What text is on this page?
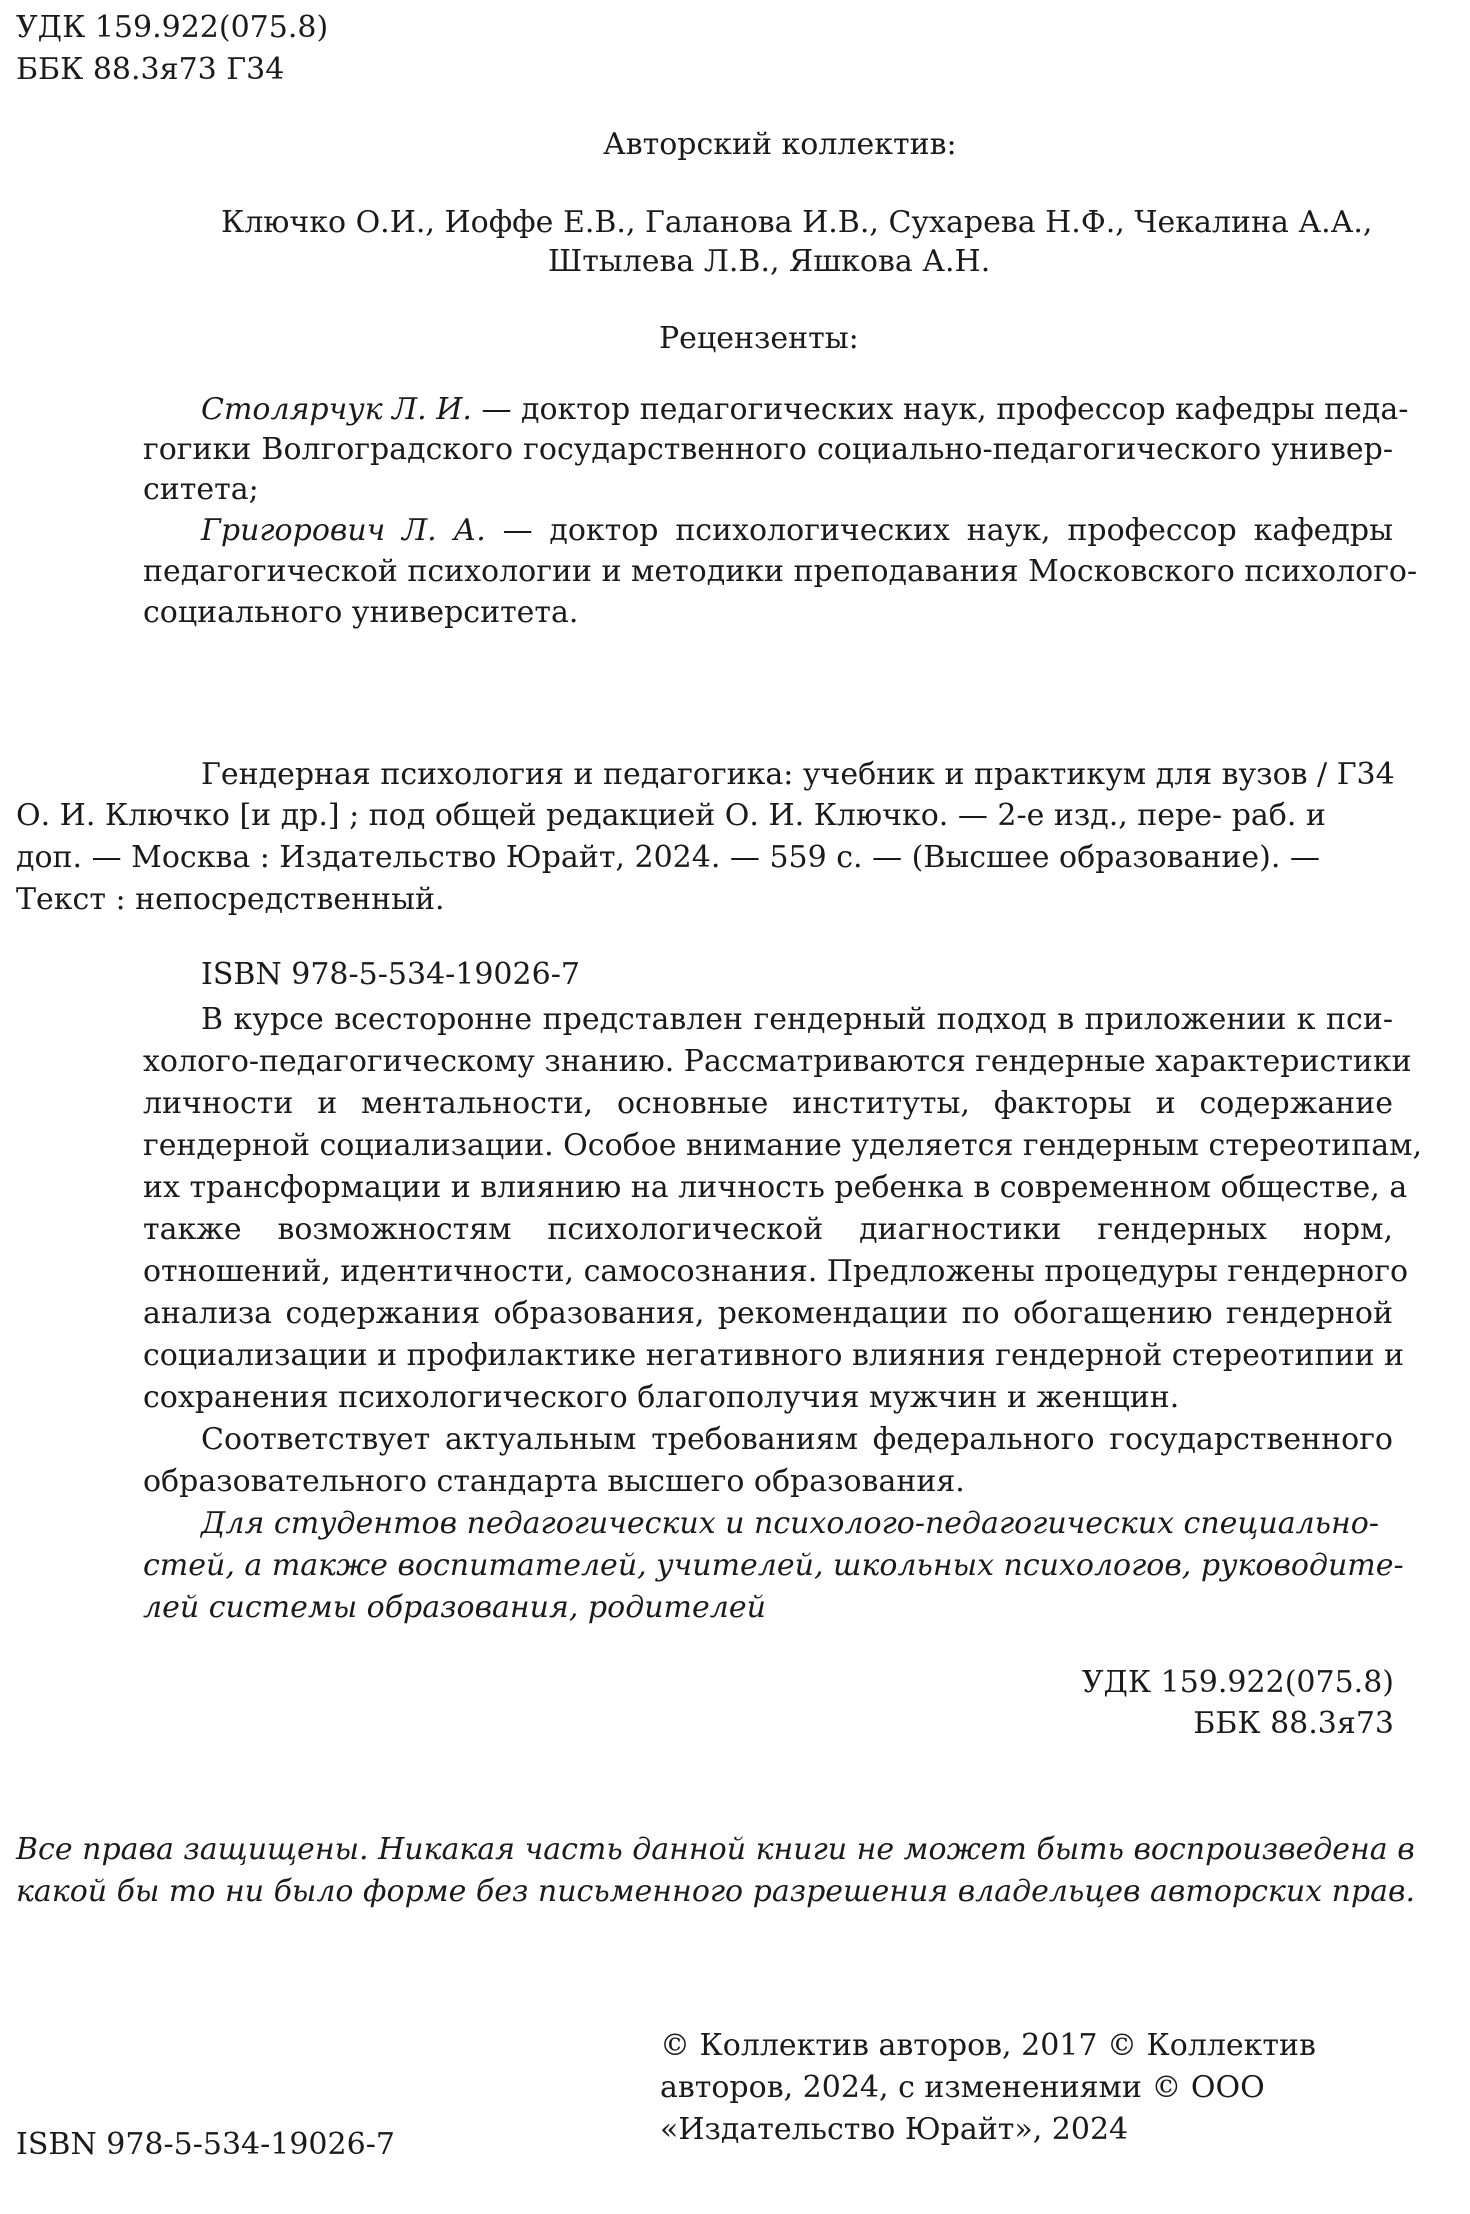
УДК 159.922(075.8)
ББК 88.3я73 Г34
Авторский коллектив:
Ключко О.И., Иоффе Е.В., Галанова И.В., Сухарева Н.Ф., Чекалина А.А.,
Штылева Л.В., Яшкова А.Н.
Рецензенты:
Столярчук Л. И. — доктор педагогических наук, профессор кафедры педа-
гогики Волгоградского государственного социально-педагогического универ-
ситета;
Григорович Л. А. — доктор психологических наук, профессор кафедры
педагогической психологии и методики преподавания Московского психолого-
социального университета.
Гендерная психология и педагогика: учебник и практикум для вузов / Г34
О. И. Ключко [и др.] ; под общей редакцией О. И. Ключко. — 2-е изд., пере- раб. и
доп. — Москва : Издательство Юрайт, 2024. — 559 с. — (Высшее образование). —
Текст : непосредственный.
ISBN 978-5-534-19026-7
В курсе всесторонне представлен гендерный подход в приложении к пси-
холого-педагогическому знанию. Рассматриваются гендерные характеристики
личности и ментальности, основные институты, факторы и содержание
гендерной социализации. Особое внимание уделяется гендерным стереотипам,
их трансформации и влиянию на личность ребенка в современном обществе, а
также возможностям психологической диагностики гендерных норм,
отношений, идентичности, самосознания. Предложены процедуры гендерного
анализа содержания образования, рекомендации по обогащению гендерной
социализации и профилактике негативного влияния гендерной стереотипии и
сохранения психологического благополучия мужчин и женщин.
Соответствует актуальным требованиям федерального государственного
образовательного стандарта высшего образования.
Для студентов педагогических и психолого-педагогических специально-
стей, а также воспитателей, учителей, школьных психологов, руководите-
лей системы образования, родителей
УДК 159.922(075.8)
ББК 88.3я73
Все права защищены. Никакая часть данной книги не может быть воспроизведена в
какой бы то ни было форме без письменного разрешения владельцев авторских прав.
ISBN 978-5-534-19026-7
© Коллектив авторов, 2017 © Коллектив
авторов, 2024, с изменениями © ООО
«Издательство Юрайт», 2024
